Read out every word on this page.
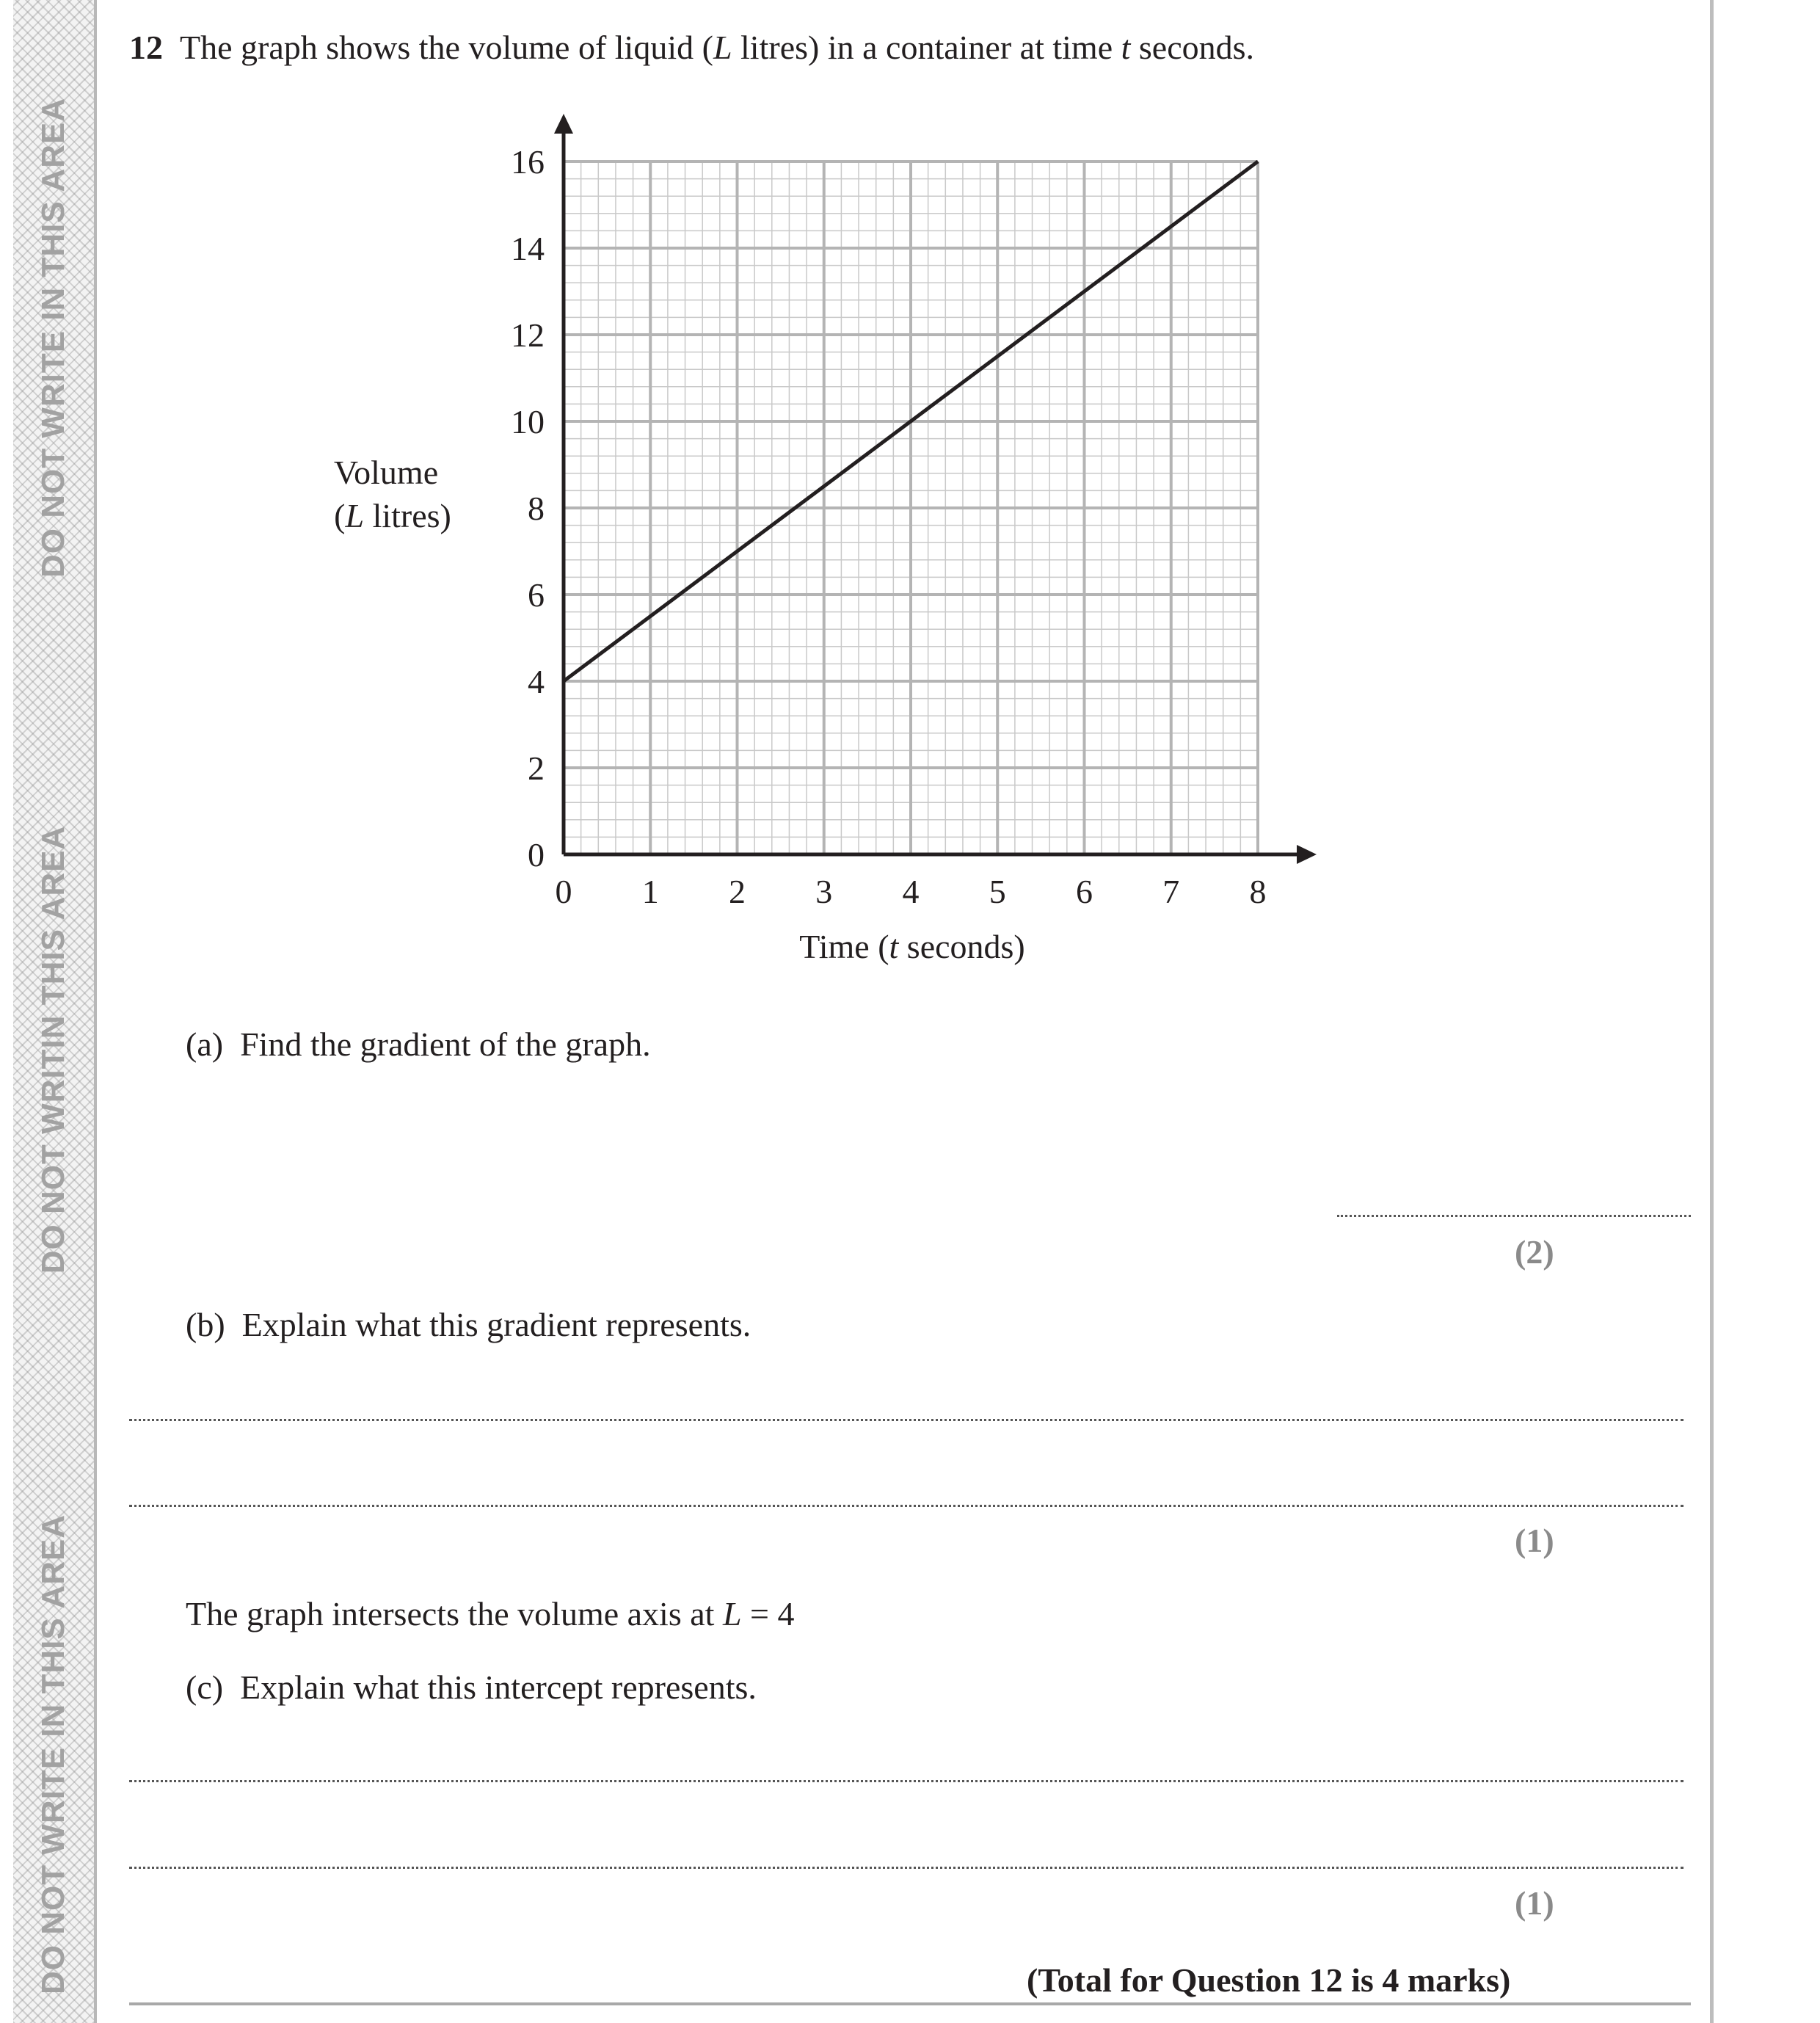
DO NOT WRITE IN THIS AREA
DO NOT WRITIN THIS AREA
DO NOT WRITE IN THIS AREA
12 The graph shows the volume of liquid (L litres) in a container at time t seconds.
0 1 2 3 4 5 6 7 8
0
2
4
6
8
10
12
14
16
Volume
(L litres)
Time (t seconds)
(a) Find the gradient of the graph.
(2)
(b) Explain what this gradient represents.
(1)
The graph intersects the volume axis at L = 4
(c) Explain what this intercept represents.
(1)
(Total for Question 12 is 4 marks)
